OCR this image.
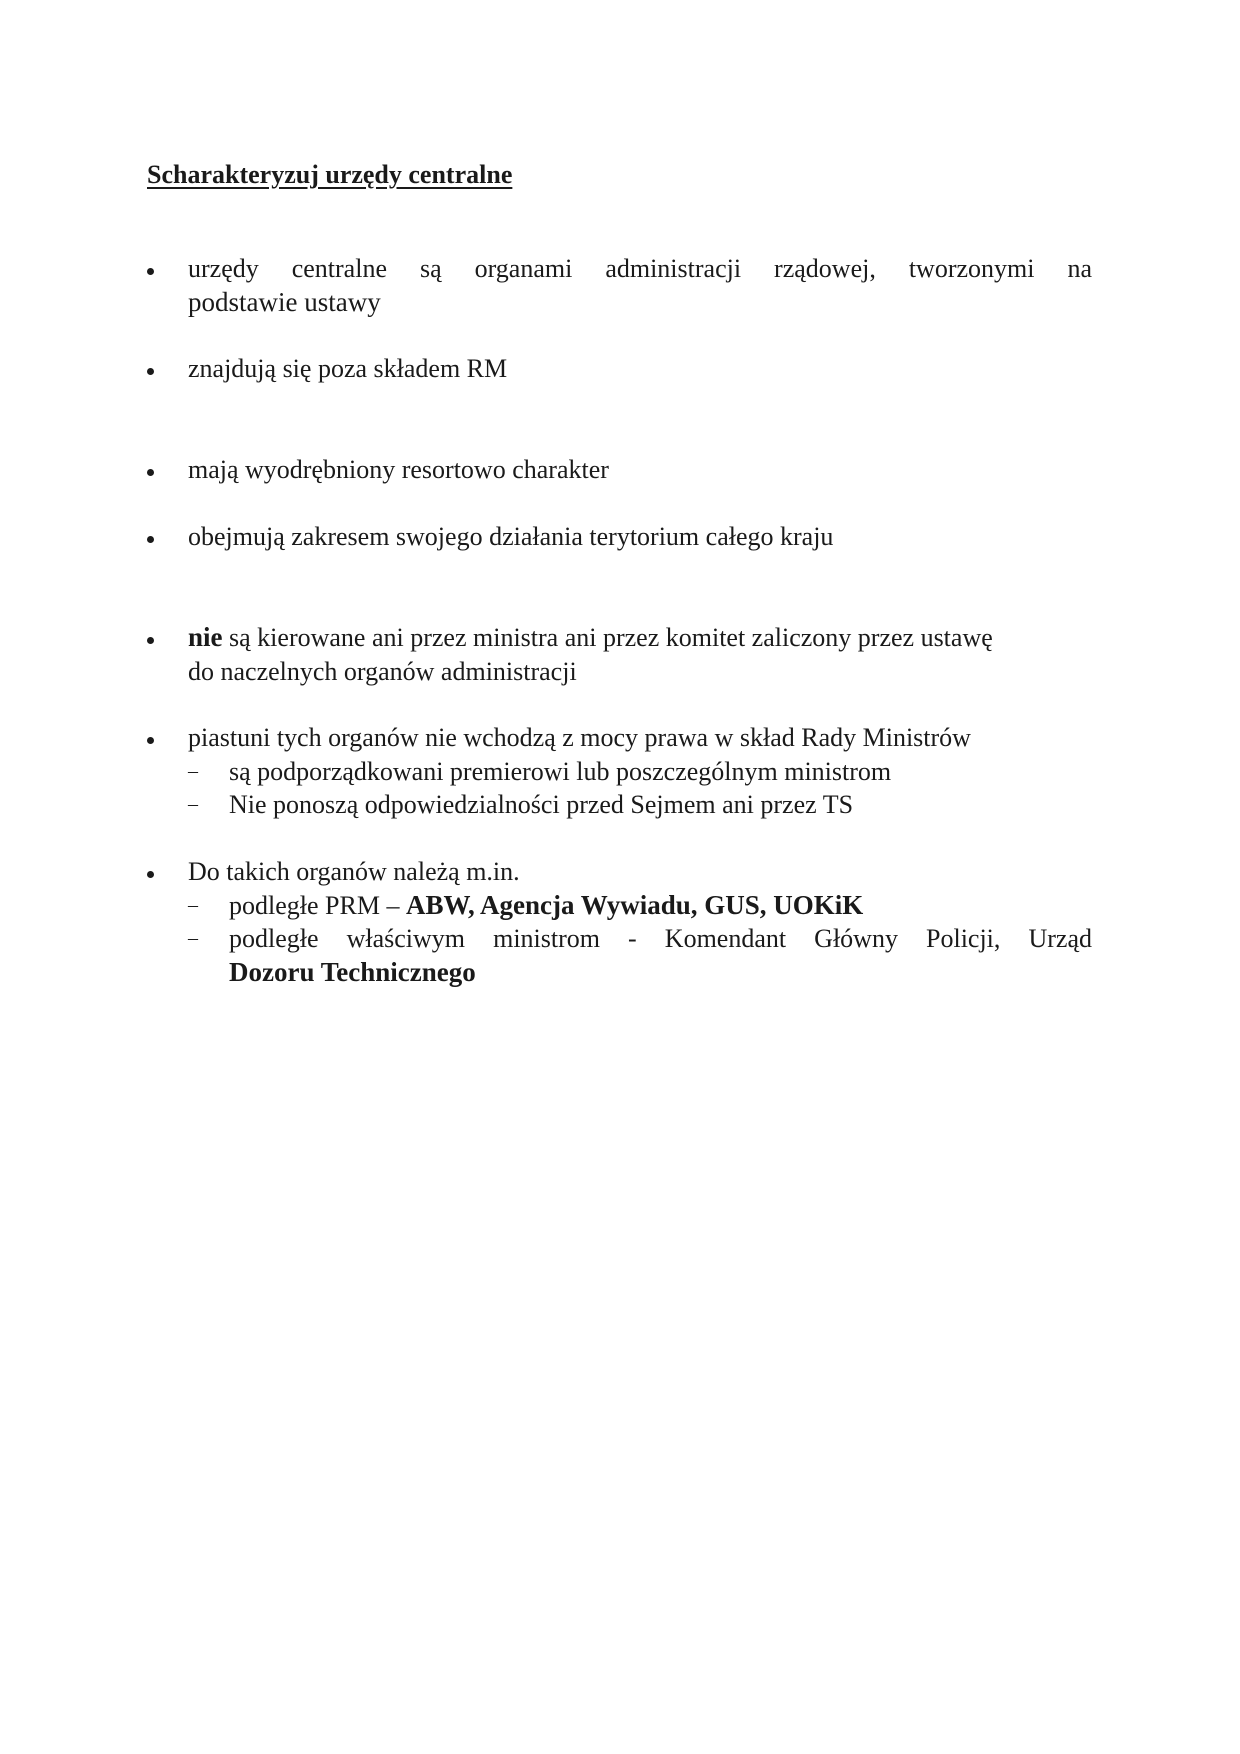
Scharakteryzuj urzędy centralne
urzędy centralne są organami administracji rządowej, tworzonymi na
podstawie ustawy
znajdują się poza składem RM
mają wyodrębniony resortowo charakter
obejmują zakresem swojego działania terytorium całego kraju
nie są kierowane ani przez ministra ani przez komitet zaliczony przez ustawę
do naczelnych organów administracji
piastuni tych organów nie wchodzą z mocy prawa w skład Rady Ministrów
– są podporządkowani premierowi lub poszczególnym ministrom
– Nie ponoszą odpowiedzialności przed Sejmem ani przez TS
Do takich organów należą m.in.
– podległe PRM – ABW, Agencja Wywiadu, GUS, UOKiK
– podległe właściwym ministrom - Komendant Główny Policji, Urząd
Dozoru Technicznego
